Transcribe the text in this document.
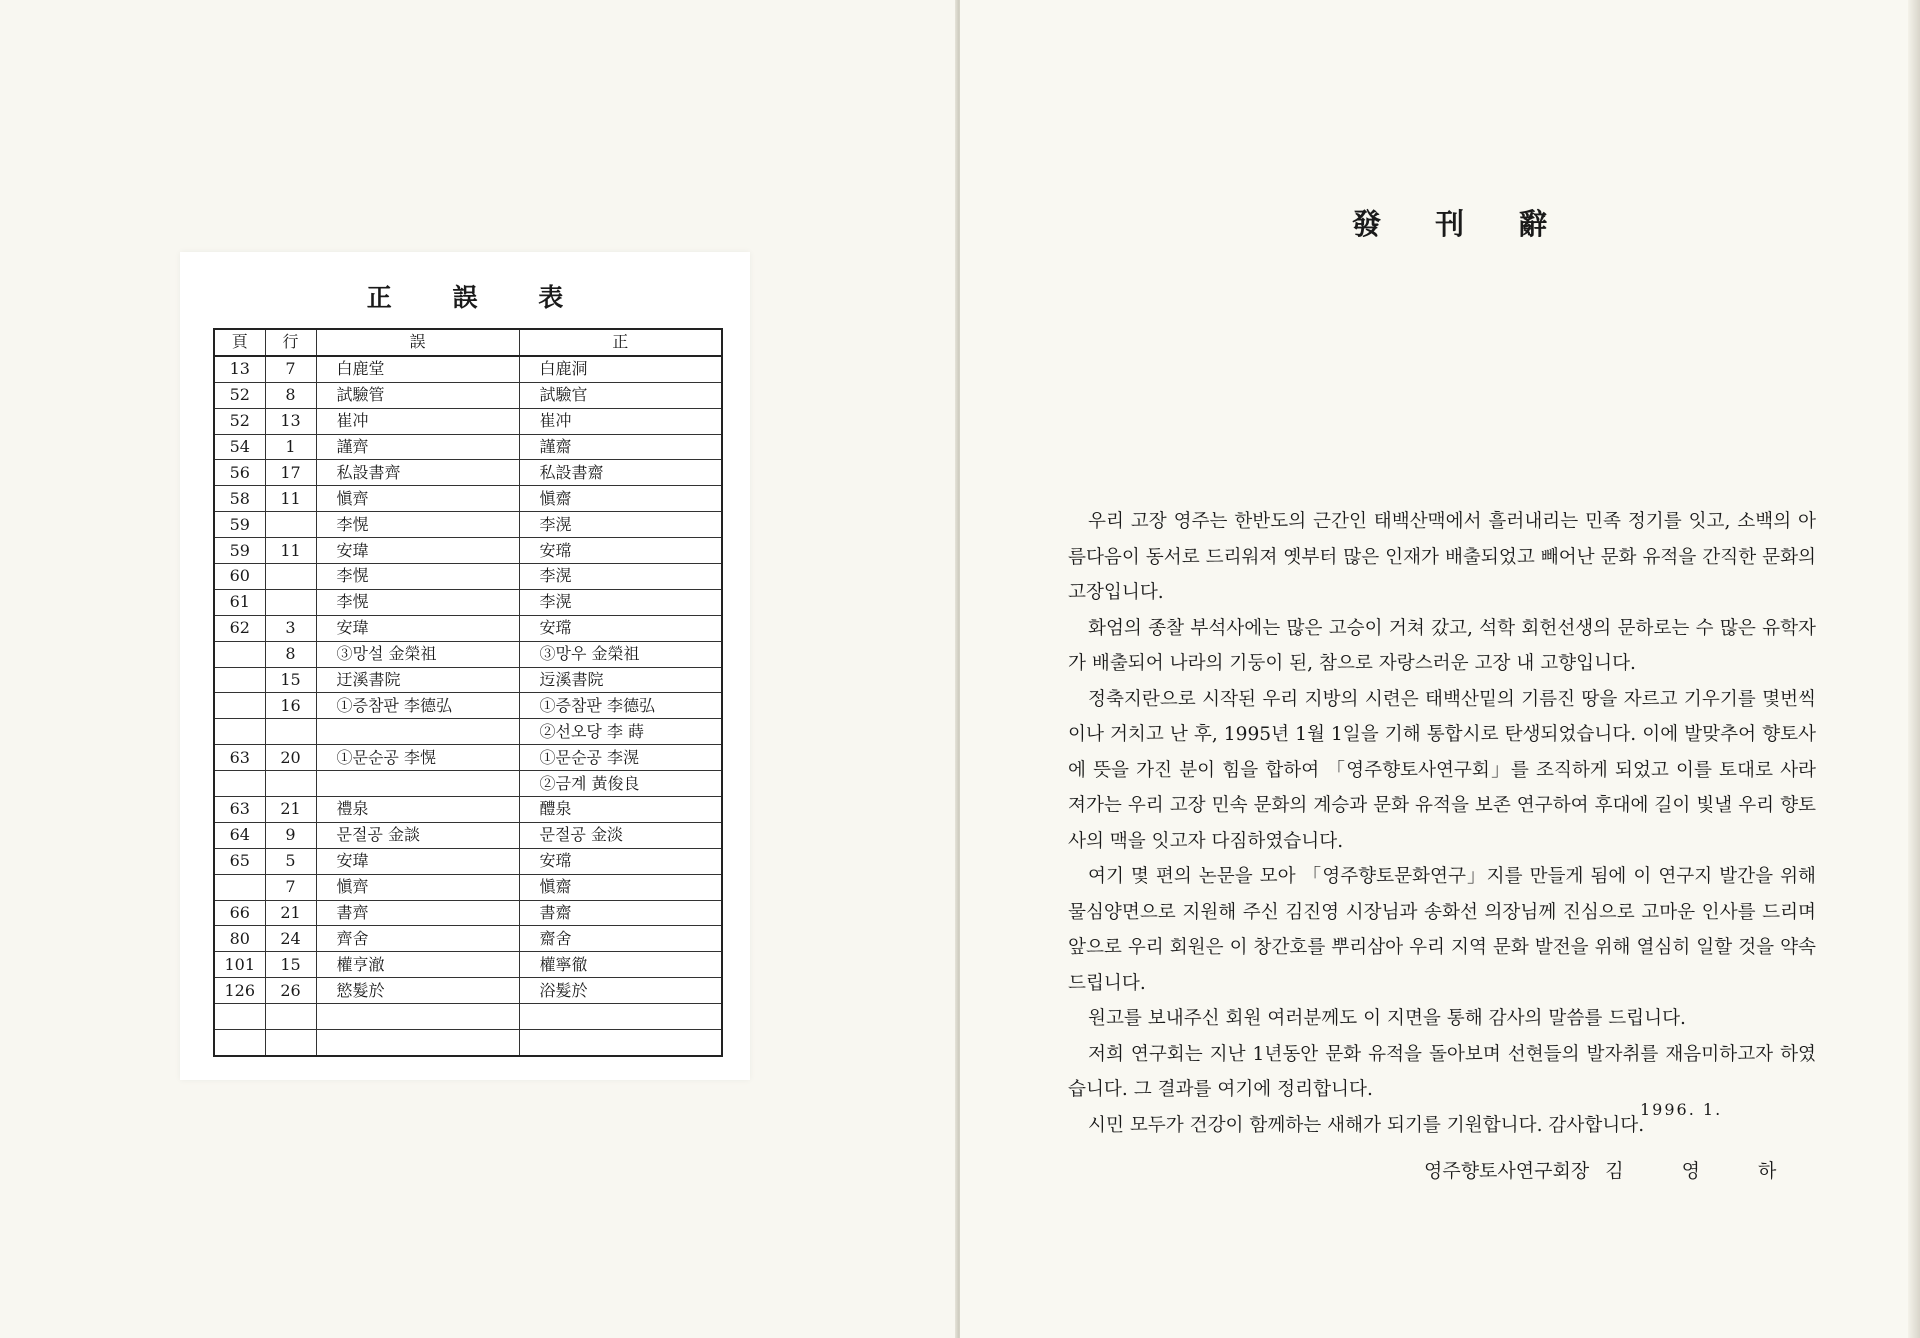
正 誤 表
頁	行	誤	正
13	7	白鹿堂	白鹿洞
52	8	試驗管	試驗官
52	13	崔冲	崔冲
54	1	謹齊	謹齋
56	17	私設書齊	私設書齋
58	11	愼齊	愼齋
59		李愰	李滉
59	11	安瑋	安瑺
60		李愰	李滉
61		李愰	李滉
62	3	安瑋	安瑺
	8	③망설 金榮祖	③망우 金榮祖
	15	迂溪書院	迃溪書院
	16	①증참판 李德弘	①증참판 李德弘
			②선오당 李 蒔
63	20	①문순공 李愰	①문순공 李滉
			②금계 黃俊良
63	21	禮泉	醴泉
64	9	문절공 金談	문절공 金淡
65	5	安瑋	安瑺
	7	愼齊	愼齋
66	21	書齊	書齋
80	24	齊舍	齋舍
101	15	權亨澈	權寧徹
126	26	慾髮於	浴髮於

發 刊 辭

우리 고장 영주는 한반도의 근간인 태백산맥에서 흘러내리는 민족 정기를 잇고, 소백의 아름다음이 동서로 드리워져 옛부터 많은 인재가 배출되었고 빼어난 문화 유적을 간직한 문화의 고장입니다.

화엄의 종찰 부석사에는 많은 고승이 거쳐 갔고, 석학 회헌선생의 문하로는 수 많은 유학자가 배출되어 나라의 기둥이 된, 참으로 자랑스러운 고장 내 고향입니다.

정축지란으로 시작된 우리 지방의 시련은 태백산밑의 기름진 땅을 자르고 기우기를 몇번씩이나 거치고 난 후, 1995년 1월 1일을 기해 통합시로 탄생되었습니다. 이에 발맞추어 향토사에 뜻을 가진 분이 힘을 합하여 「영주향토사연구회」를 조직하게 되었고 이를 토대로 사라져가는 우리 고장 민속 문화의 계승과 문화 유적을 보존 연구하여 후대에 길이 빛낼 우리 향토사의 맥을 잇고자 다짐하였습니다.

여기 몇 편의 논문을 모아 「영주향토문화연구」지를 만들게 됨에 이 연구지 발간을 위해 물심양면으로 지원해 주신 김진영 시장님과 송화선 의장님께 진심으로 고마운 인사를 드리며 앞으로 우리 회원은 이 창간호를 뿌리삼아 우리 지역 문화 발전을 위해 열심히 일할 것을 약속드립니다.

원고를 보내주신 회원 여러분께도 이 지면을 통해 감사의 말씀를 드립니다.

저희 연구회는 지난 1년동안 문화 유적을 돌아보며 선현들의 발자취를 재음미하고자 하였습니다. 그 결과를 여기에 정리합니다.

시민 모두가 건강이 함께하는 새해가 되기를 기원합니다. 감사합니다.

1996. 1.
영주향토사연구회장 김 영 하
